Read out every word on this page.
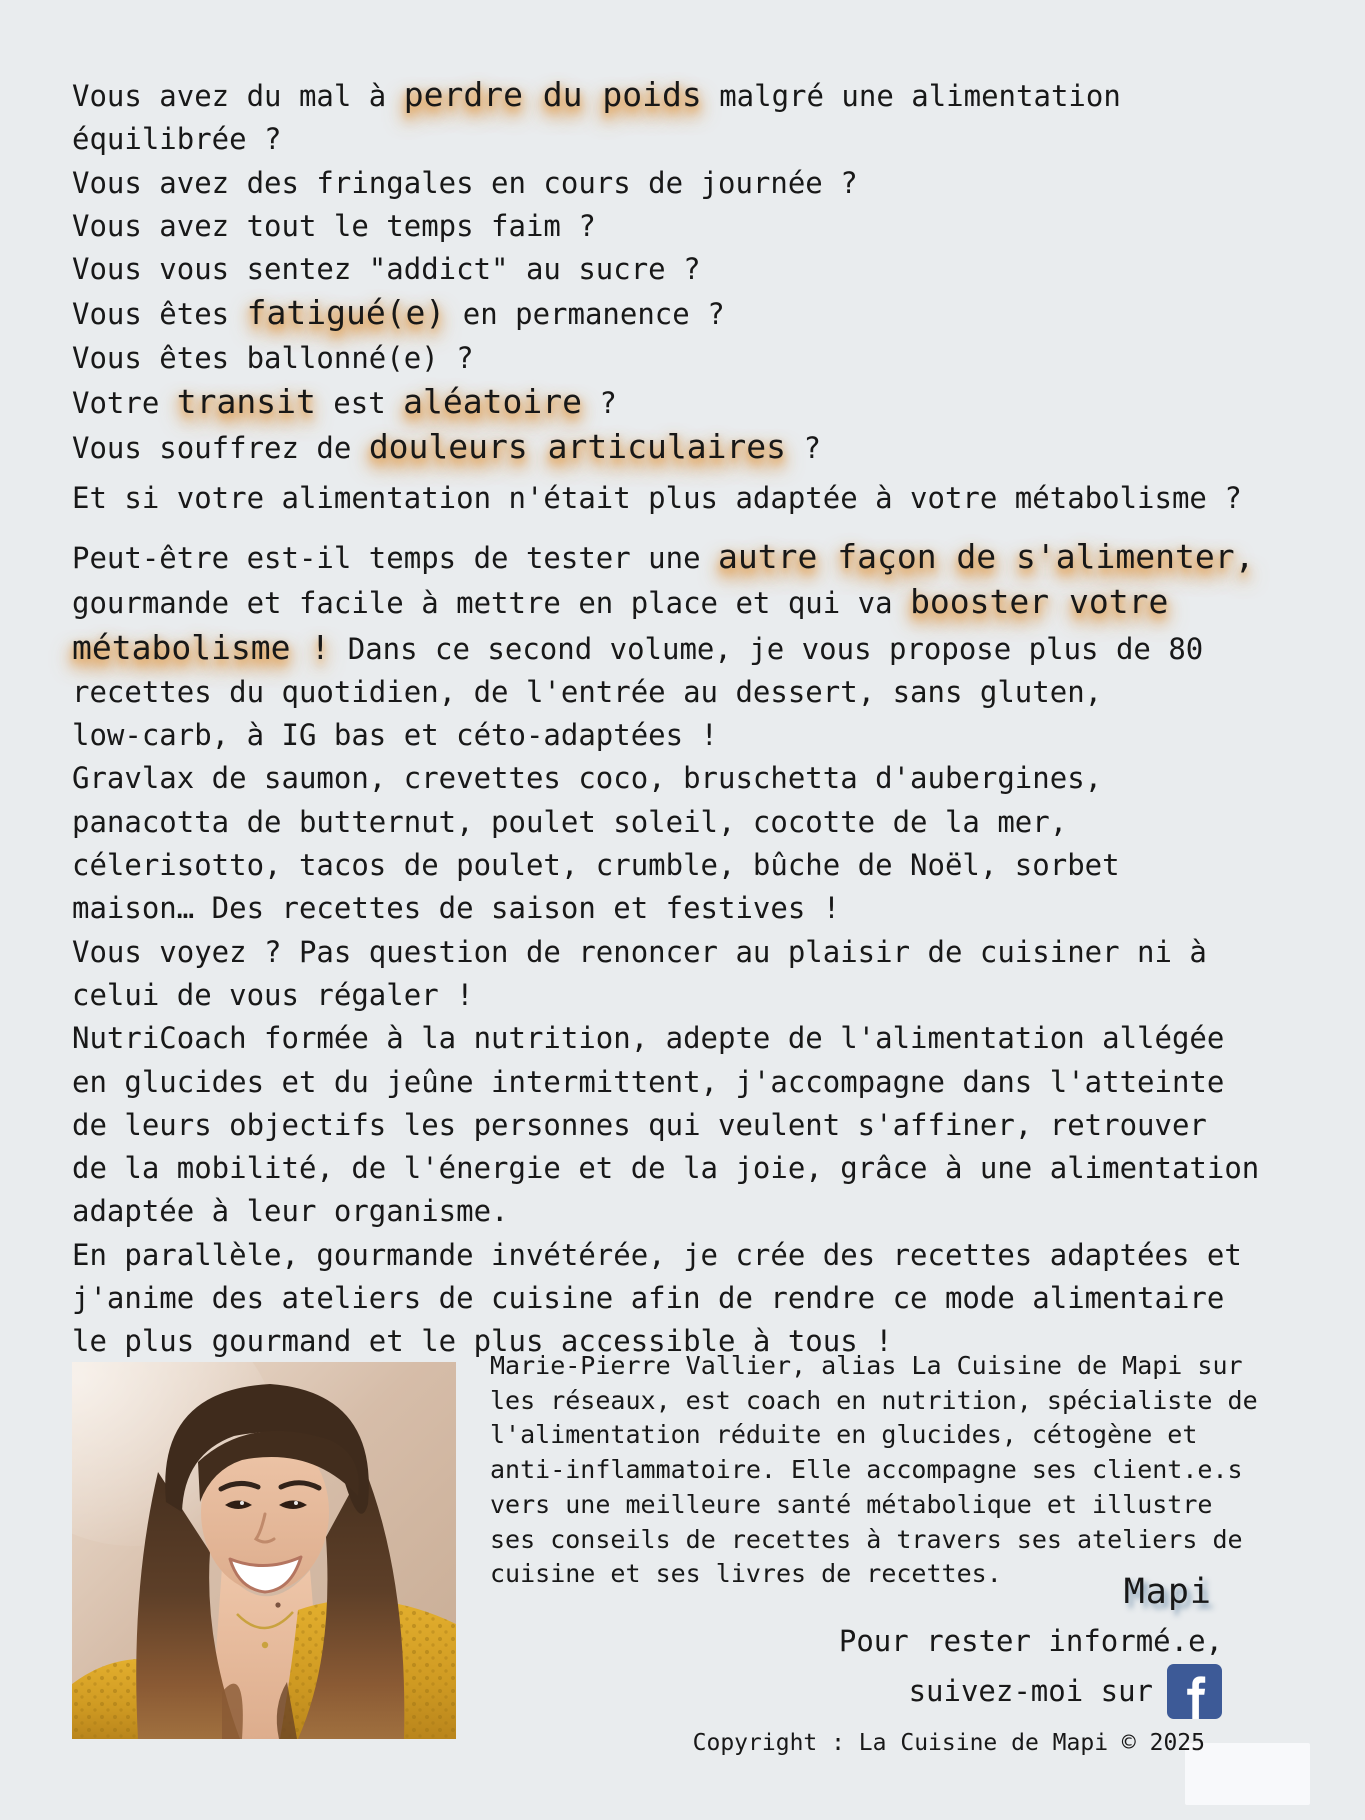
Vous avez du mal à perdre du poids malgré une alimentation
équilibrée ?
Vous avez des fringales en cours de journée ?
Vous avez tout le temps faim ?
Vous vous sentez "addict" au sucre ?
Vous êtes fatigué(e) en permanence ?
Vous êtes ballonné(e) ?
Votre transit est aléatoire ?
Vous souffrez de douleurs articulaires ?
Et si votre alimentation n'était plus adaptée à votre métabolisme ?
Peut-être est-il temps de tester une autre façon de s'alimenter,
gourmande et facile à mettre en place et qui va booster votre
métabolisme ! Dans ce second volume, je vous propose plus de 80
recettes du quotidien, de l'entrée au dessert, sans gluten,
low-carb, à IG bas et céto-adaptées !
Gravlax de saumon, crevettes coco, bruschetta d'aubergines,
panacotta de butternut, poulet soleil, cocotte de la mer,
célerisotto, tacos de poulet, crumble, bûche de Noël, sorbet
maison… Des recettes de saison et festives !
Vous voyez ? Pas question de renoncer au plaisir de cuisiner ni à
celui de vous régaler !
NutriCoach formée à la nutrition, adepte de l'alimentation allégée
en glucides et du jeûne intermittent, j'accompagne dans l'atteinte
de leurs objectifs les personnes qui veulent s'affiner, retrouver
de la mobilité, de l'énergie et de la joie, grâce à une alimentation
adaptée à leur organisme.
En parallèle, gourmande invétérée, je crée des recettes adaptées et
j'anime des ateliers de cuisine afin de rendre ce mode alimentaire
le plus gourmand et le plus accessible à tous !
Marie-Pierre Vallier, alias La Cuisine de Mapi sur
les réseaux, est coach en nutrition, spécialiste de
l'alimentation réduite en glucides, cétogène et
anti-inflammatoire. Elle accompagne ses client.e.s
vers une meilleure santé métabolique et illustre
ses conseils de recettes à travers ses ateliers de
cuisine et ses livres de recettes.	Mapi
Pour rester informé.e,
suivez-moi sur
Copyright : La Cuisine de Mapi © 2025
